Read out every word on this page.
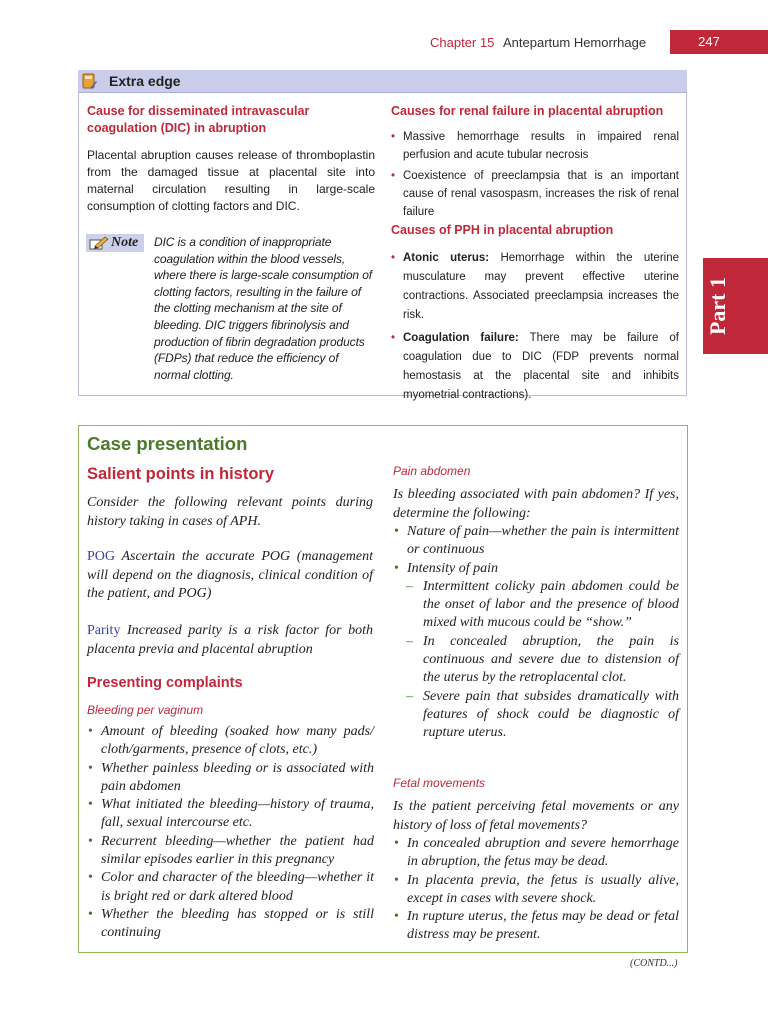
Chapter 15 Antepartum Hemorrhage	247
Part 1
Extra edge
Cause for disseminated intravascular coagulation (DIC) in abruption
Placental abruption causes release of thromboplastin from the damaged tissue at placental site into maternal circulation resulting in large-scale consumption of clotting factors and DIC.
Note DIC is a condition of inappropriate coagulation within the blood vessels, where there is large-scale consumption of clotting factors, resulting in the failure of the clotting mechanism at the site of bleeding. DIC triggers fibrinolysis and production of fibrin degradation products (FDPs) that reduce the efficiency of normal clotting.
Causes for renal failure in placental abruption
• Massive hemorrhage results in impaired renal perfusion and acute tubular necrosis
• Coexistence of preeclampsia that is an important cause of renal vasospasm, increases the risk of renal failure
Causes of PPH in placental abruption
• Atonic uterus: Hemorrhage within the uterine musculature may prevent effective uterine contractions. Associated preeclampsia increases the risk.
• Coagulation failure: There may be failure of coagulation due to DIC (FDP prevents normal hemostasis at the placental site and inhibits myometrial contractions).
Case presentation
Salient points in history
Consider the following relevant points during history taking in cases of APH.
POG Ascertain the accurate POG (management will depend on the diagnosis, clinical condition of the patient, and POG)
Parity Increased parity is a risk factor for both placenta previa and placental abruption
Presenting complaints
Bleeding per vaginum
• Amount of bleeding (soaked how many pads/ cloth/garments, presence of clots, etc.)
• Whether painless bleeding or is associated with pain abdomen
• What initiated the bleeding—history of trauma, fall, sexual intercourse etc.
• Recurrent bleeding—whether the patient had similar episodes earlier in this pregnancy
• Color and character of the bleeding—whether it is bright red or dark altered blood
• Whether the bleeding has stopped or is still continuing
Pain abdomen
Is bleeding associated with pain abdomen? If yes, determine the following:
• Nature of pain—whether the pain is intermittent or continuous
• Intensity of pain
– Intermittent colicky pain abdomen could be the onset of labor and the presence of blood mixed with mucous could be “show.”
– In concealed abruption, the pain is continuous and severe due to distension of the uterus by the retroplacental clot.
– Severe pain that subsides dramatically with features of shock could be diagnostic of rupture uterus.
Fetal movements
Is the patient perceiving fetal movements or any history of loss of fetal movements?
• In concealed abruption and severe hemorrhage in abruption, the fetus may be dead.
• In placenta previa, the fetus is usually alive, except in cases with severe shock.
• In rupture uterus, the fetus may be dead or fetal distress may be present.
(CONTD...)
